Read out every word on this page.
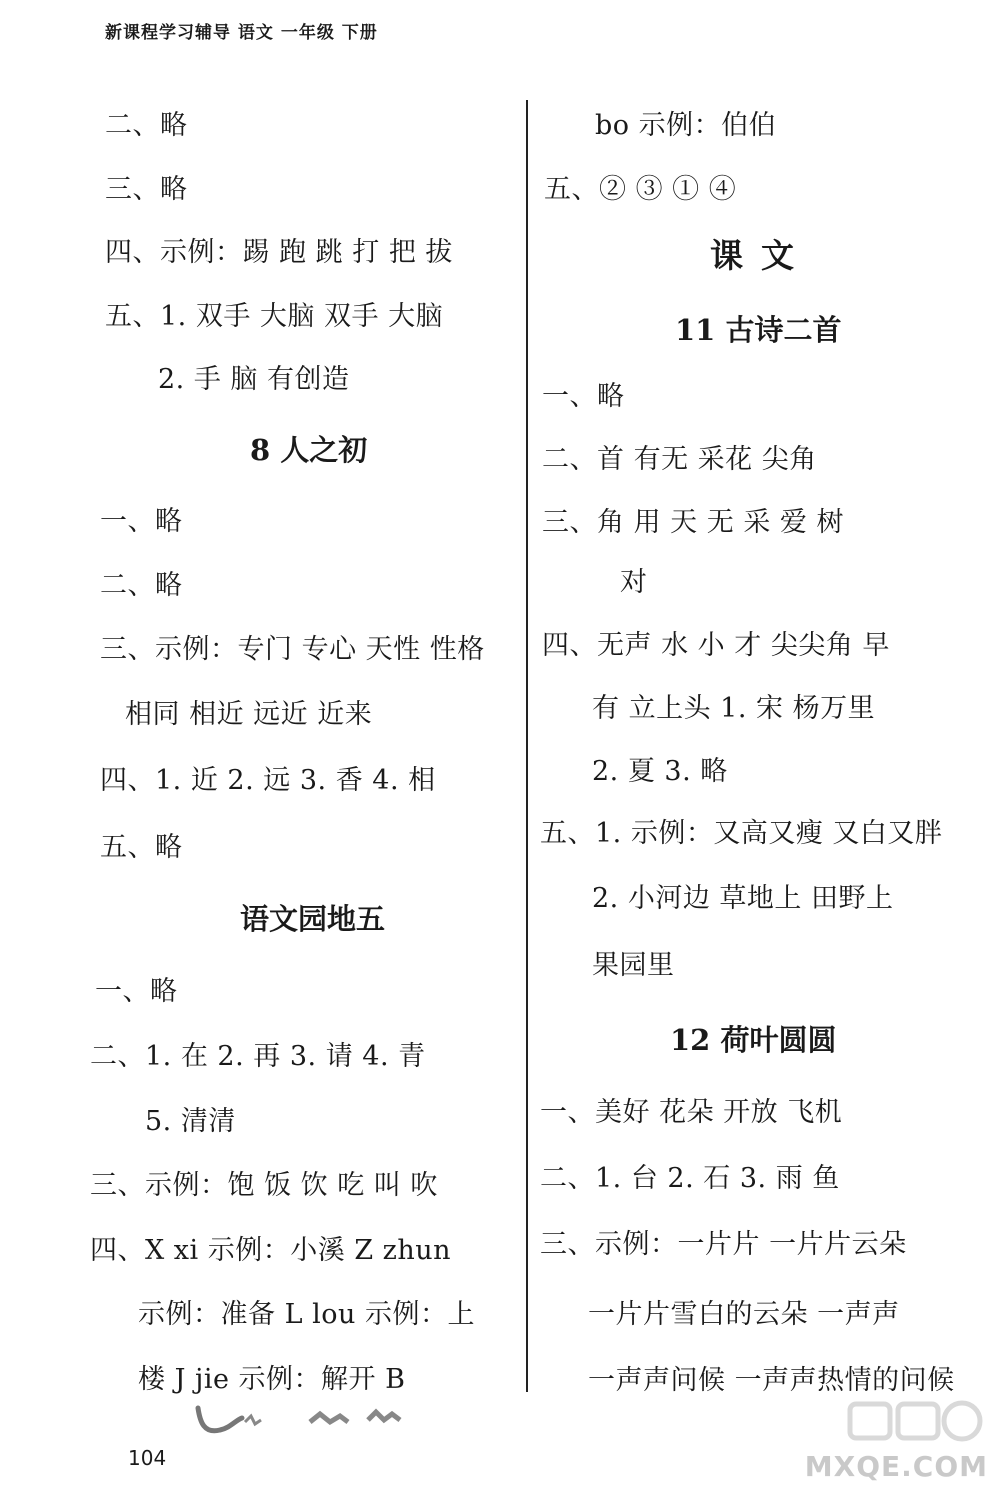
新课程学习辅导 语文 一年级 下册
二、略
三、略
四、示例：踢 跑 跳 打 把 拔
五、1. 双手 大脑 双手 大脑
2. 手 脑 有创造
8 人之初
一、略
二、略
三、示例：专门 专心 天性 性格
相同 相近 远近 近来
四、1. 近 2. 远 3. 香 4. 相
五、略
语文园地五
一、略
二、1. 在 2. 再 3. 请 4. 青
5. 清清
三、示例：饱 饭 饮 吃 叫 吹
四、X xi 示例：小溪 Z zhun
示例：准备 L lou 示例：上
楼 J jie 示例：解开 B
bo 示例：伯伯
五、② ③ ① ④
课文
11 古诗二首
一、略
二、首 有无 采花 尖角
三、角 用 天 无 采 爱 树
对
四、无声 水 小 才 尖尖角 早
有 立上头 1. 宋 杨万里
2. 夏 3. 略
五、1. 示例：又高又瘦 又白又胖
2. 小河边 草地上 田野上
果园里
12 荷叶圆圆
一、美好 花朵 开放 飞机
二、1. 台 2. 石 3. 雨 鱼
三、示例：一片片 一片片云朵
一片片雪白的云朵 一声声
一声声问候 一声声热情的问候
104	MXQE.COM
